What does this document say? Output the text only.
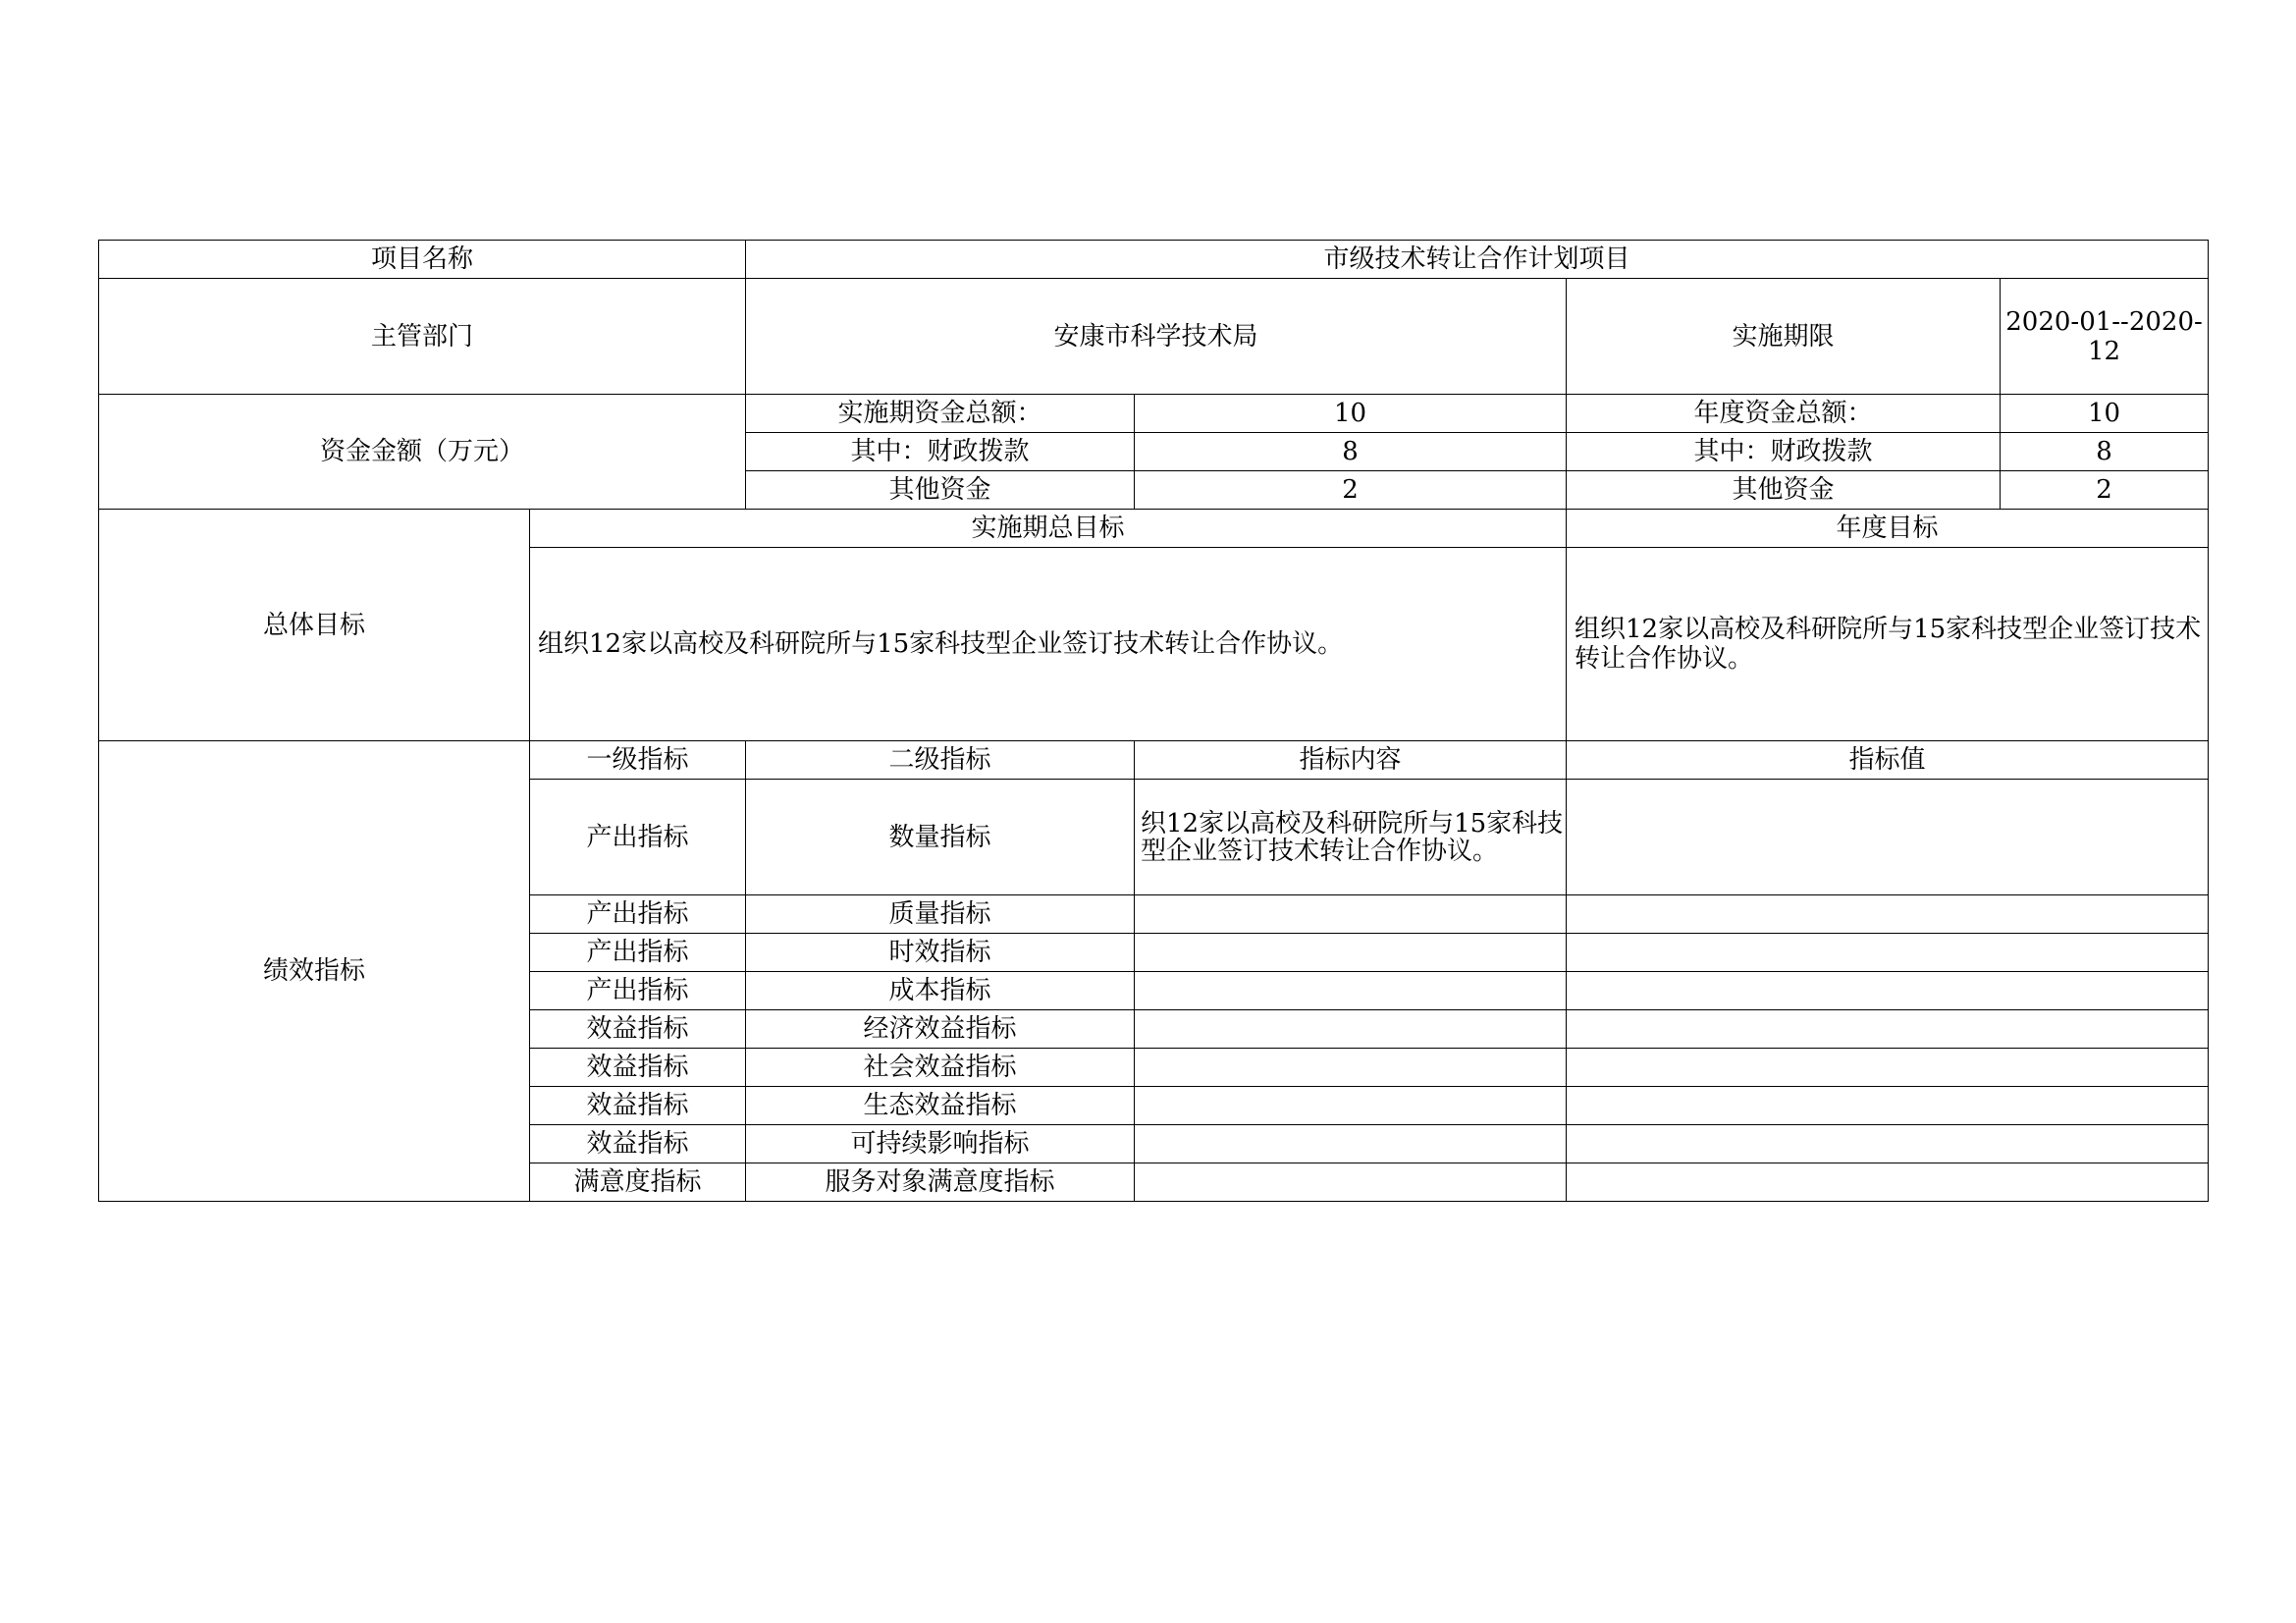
项目名称		市级技术转让合作计划项目			
主管部门		安康市科学技术局		实施期限	2020-01--2020-12
资金金额（万元）		实施期资金总额：	10	年度资金总额：	10
		其中：财政拨款	8	其中：财政拨款	8
		其他资金	2	其他资金	2
总体目标	实施期总目标			年度目标	
	组织12家以高校及科研院所与15家科技型企业签订技术转让合作协议。			组织12家以高校及科研院所与15家科技型企业签订技术转让合作协议。	
绩效指标	一级指标	二级指标	指标内容	指标值	
	产出指标	数量指标	织12家以高校及科研院所与15家科技型企业签订技术转让合作协议。		
	产出指标	质量指标			
	产出指标	时效指标			
	产出指标	成本指标			
	效益指标	经济效益指标			
	效益指标	社会效益指标			
	效益指标	生态效益指标			
	效益指标	可持续影响指标			
	满意度指标	服务对象满意度指标			
